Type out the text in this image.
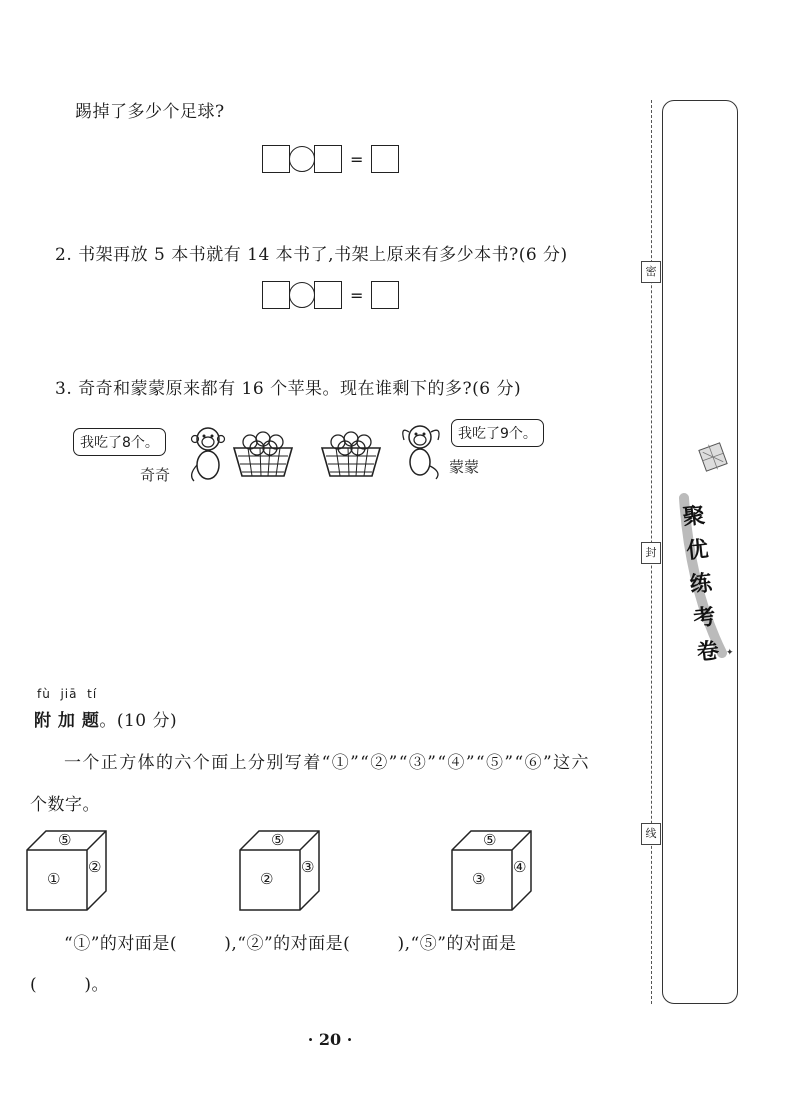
踢掉了多少个足球?
=
2. 书架再放 5 本书就有 14 本书了,书架上原来有多少本书?(6 分)
=
3. 奇奇和蒙蒙原来都有 16 个苹果。现在谁剩下的多?(6 分)
我吃了8个。
奇奇
我吃了9个。
蒙蒙
fù  jiā  tí
附 加 题。(10 分)
一个正方体的六个面上分别写着“①”“②”“③”“④”“⑤”“⑥”这六
个数字。
⑤
①
②
⑤
②
③
⑤
③
④
“①”的对面是(        ),“②”的对面是(        ),“⑤”的对面是
(        )。
· 20 ·
密
封
线
✦
聚优练考卷
